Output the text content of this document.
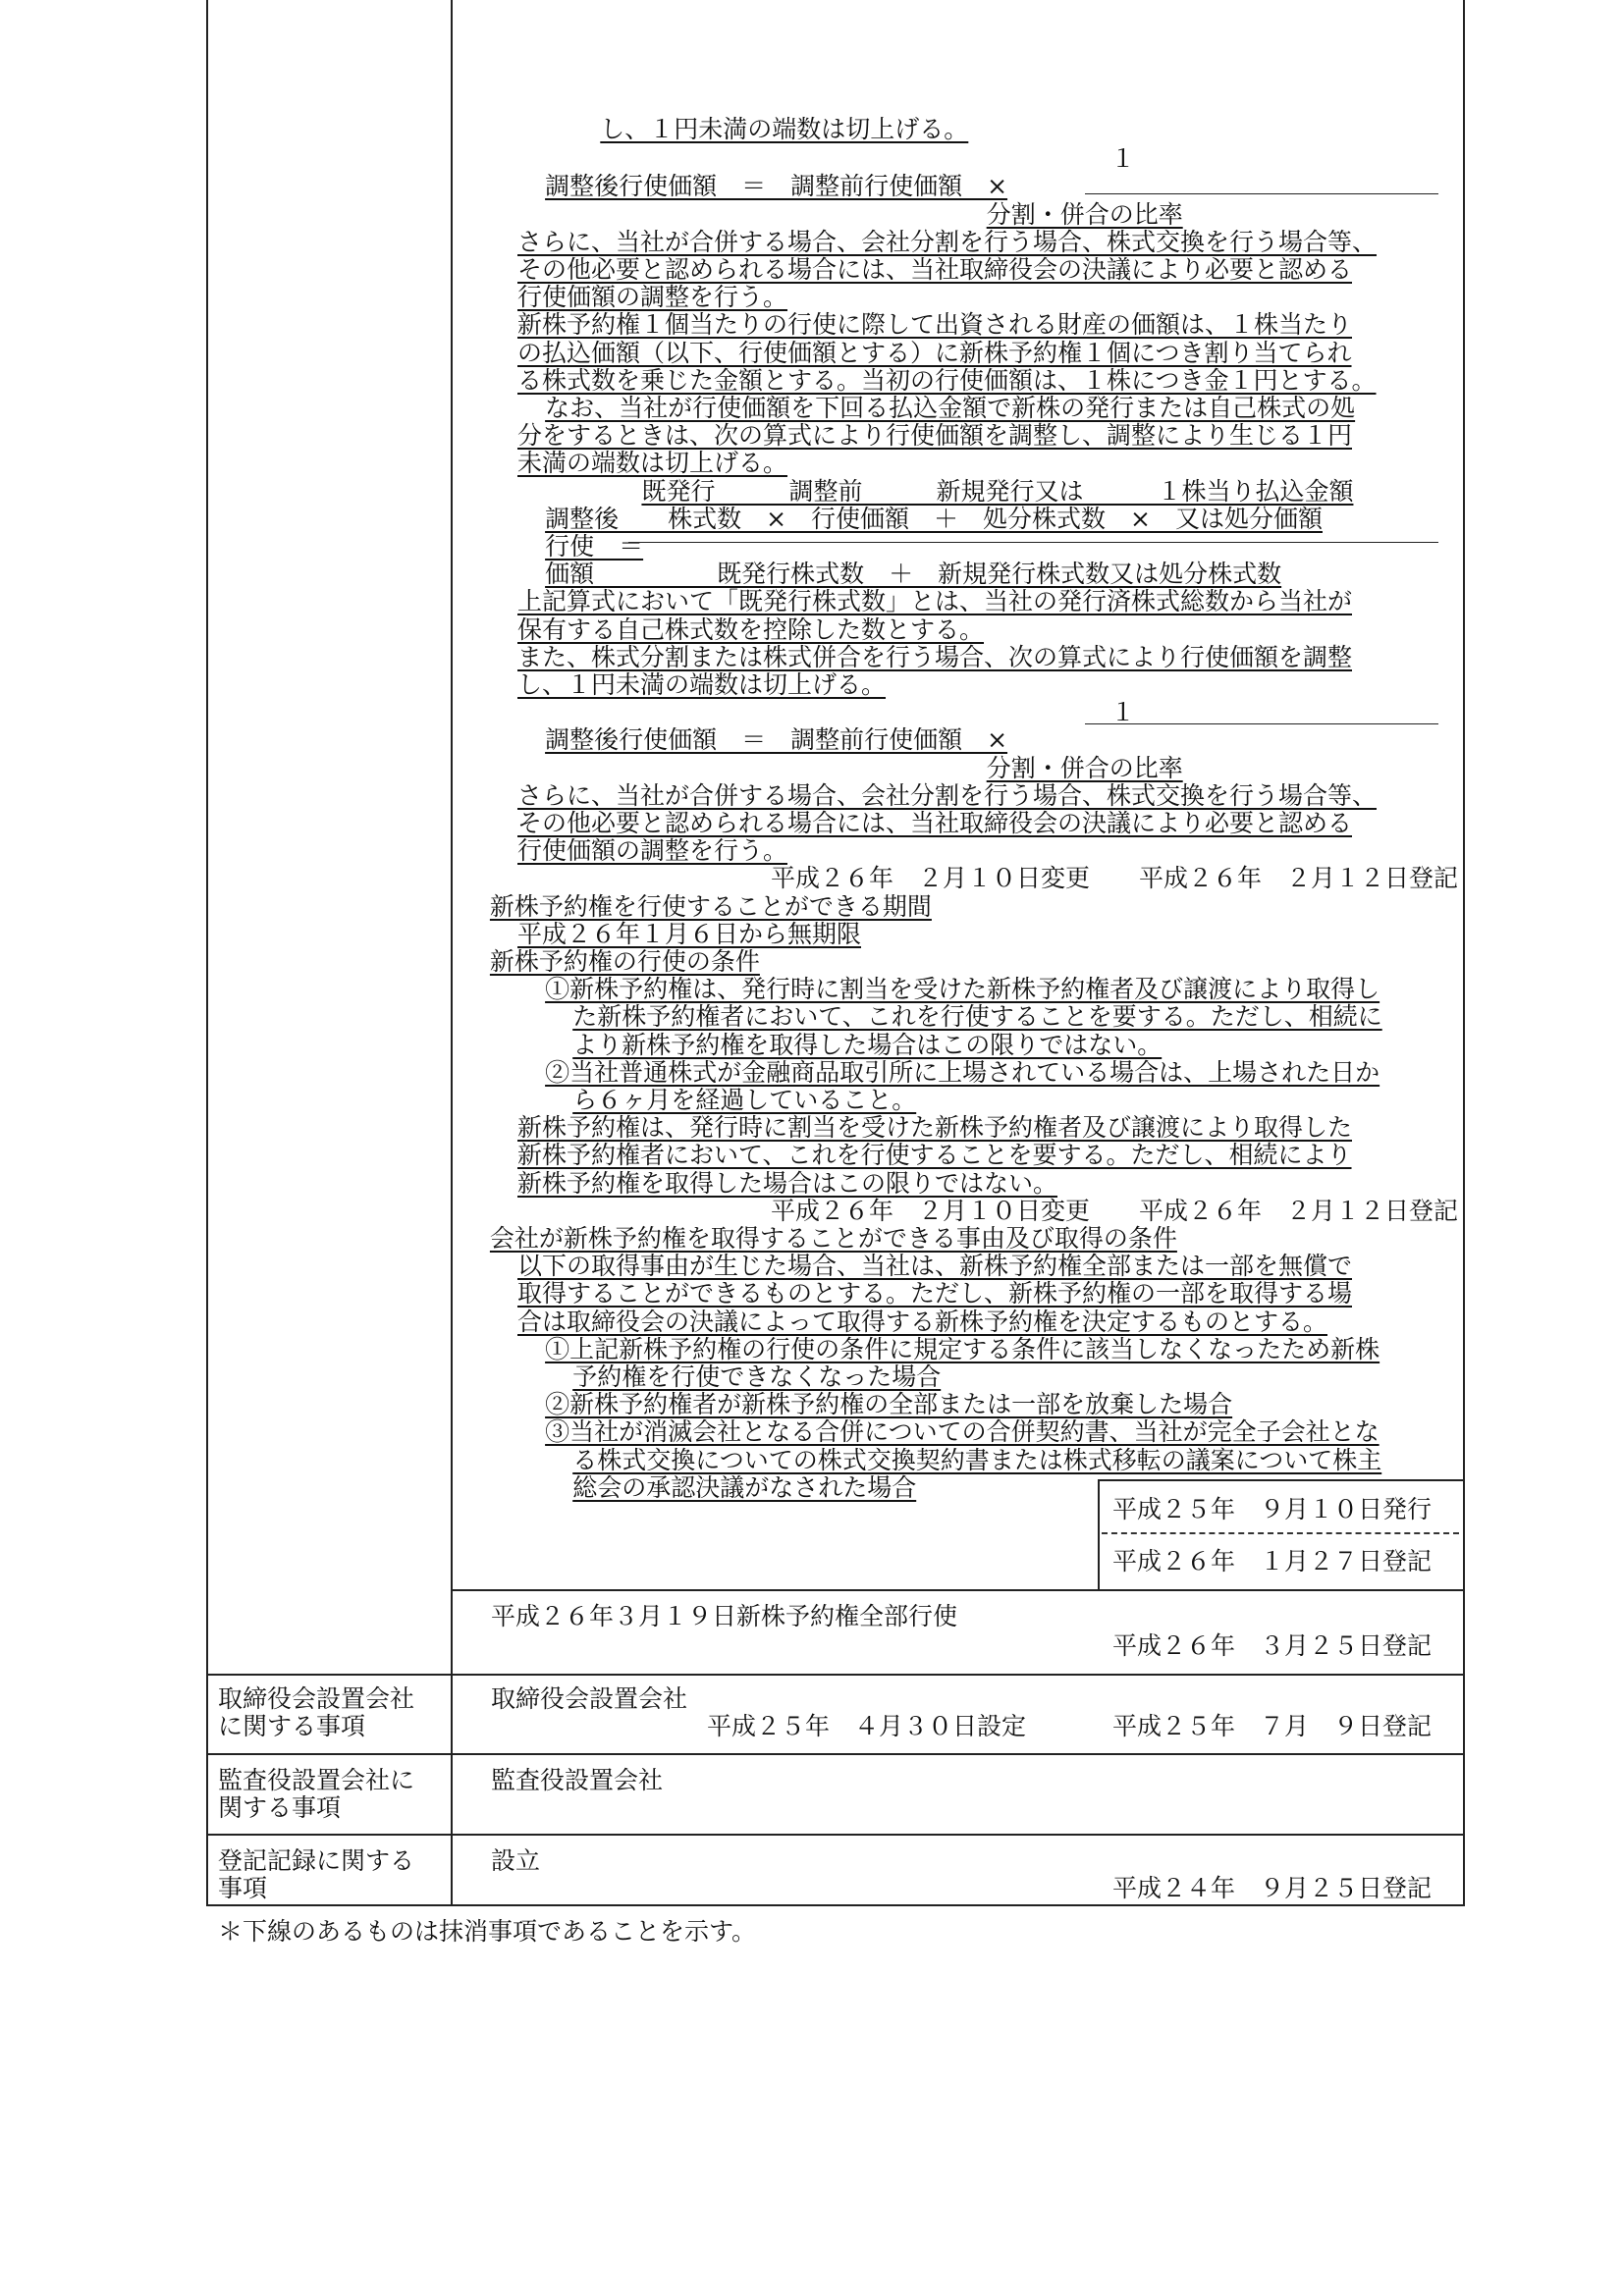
し、１円未満の端数は切上げる。
１
調整後行使価額　＝　調整前行使価額　×
分割・併合の比率
さらに、当社が合併する場合、会社分割を行う場合、株式交換を行う場合等、
その他必要と認められる場合には、当社取締役会の決議により必要と認める
行使価額の調整を行う。
新株予約権１個当たりの行使に際して出資される財産の価額は、１株当たり
の払込価額（以下、行使価額とする）に新株予約権１個につき割り当てられ
る株式数を乗じた金額とする。当初の行使価額は、１株につき金１円とする。
なお、当社が行使価額を下回る払込金額で新株の発行または自己株式の処
分をするときは、次の算式により行使価額を調整し、調整により生じる１円
未満の端数は切上げる。
既発行　　　調整前　　　新規発行又は　　　１株当り払込金額
調整後　　株式数　×　行使価額　＋　処分株式数　×　又は処分価額
行使　＝
価額　　　　　既発行株式数　＋　新規発行株式数又は処分株式数
上記算式において「既発行株式数」とは、当社の発行済株式総数から当社が
保有する自己株式数を控除した数とする。
また、株式分割または株式併合を行う場合、次の算式により行使価額を調整
し、１円未満の端数は切上げる。
１
調整後行使価額　＝　調整前行使価額　×
分割・併合の比率
さらに、当社が合併する場合、会社分割を行う場合、株式交換を行う場合等、
その他必要と認められる場合には、当社取締役会の決議により必要と認める
行使価額の調整を行う。
平成２６年　２月１０日変更　　平成２６年　２月１２日登記
新株予約権を行使することができる期間
平成２６年１月６日から無期限
新株予約権の行使の条件
①新株予約権は、発行時に割当を受けた新株予約権者及び譲渡により取得し
た新株予約権者において、これを行使することを要する。ただし、相続に
より新株予約権を取得した場合はこの限りではない。
②当社普通株式が金融商品取引所に上場されている場合は、上場された日か
ら６ヶ月を経過していること。
新株予約権は、発行時に割当を受けた新株予約権者及び譲渡により取得した
新株予約権者において、これを行使することを要する。ただし、相続により
新株予約権を取得した場合はこの限りではない。
平成２６年　２月１０日変更　　平成２６年　２月１２日登記
会社が新株予約権を取得することができる事由及び取得の条件
以下の取得事由が生じた場合、当社は、新株予約権全部または一部を無償で
取得することができるものとする。ただし、新株予約権の一部を取得する場
合は取締役会の決議によって取得する新株予約権を決定するものとする。
①上記新株予約権の行使の条件に規定する条件に該当しなくなったため新株
予約権を行使できなくなった場合
②新株予約権者が新株予約権の全部または一部を放棄した場合
③当社が消滅会社となる合併についての合併契約書、当社が完全子会社とな
る株式交換についての株式交換契約書または株式移転の議案について株主
総会の承認決議がなされた場合
平成２５年　９月１０日発行
平成２６年　１月２７日登記
平成２６年３月１９日新株予約権全部行使
平成２６年　３月２５日登記
取締役会設置会社
に関する事項
取締役会設置会社
平成２５年　４月３０日設定	平成２５年　７月　９日登記
監査役設置会社に
関する事項
監査役設置会社
登記記録に関する
事項
設立
平成２４年　９月２５日登記
＊下線のあるものは抹消事項であることを示す。
